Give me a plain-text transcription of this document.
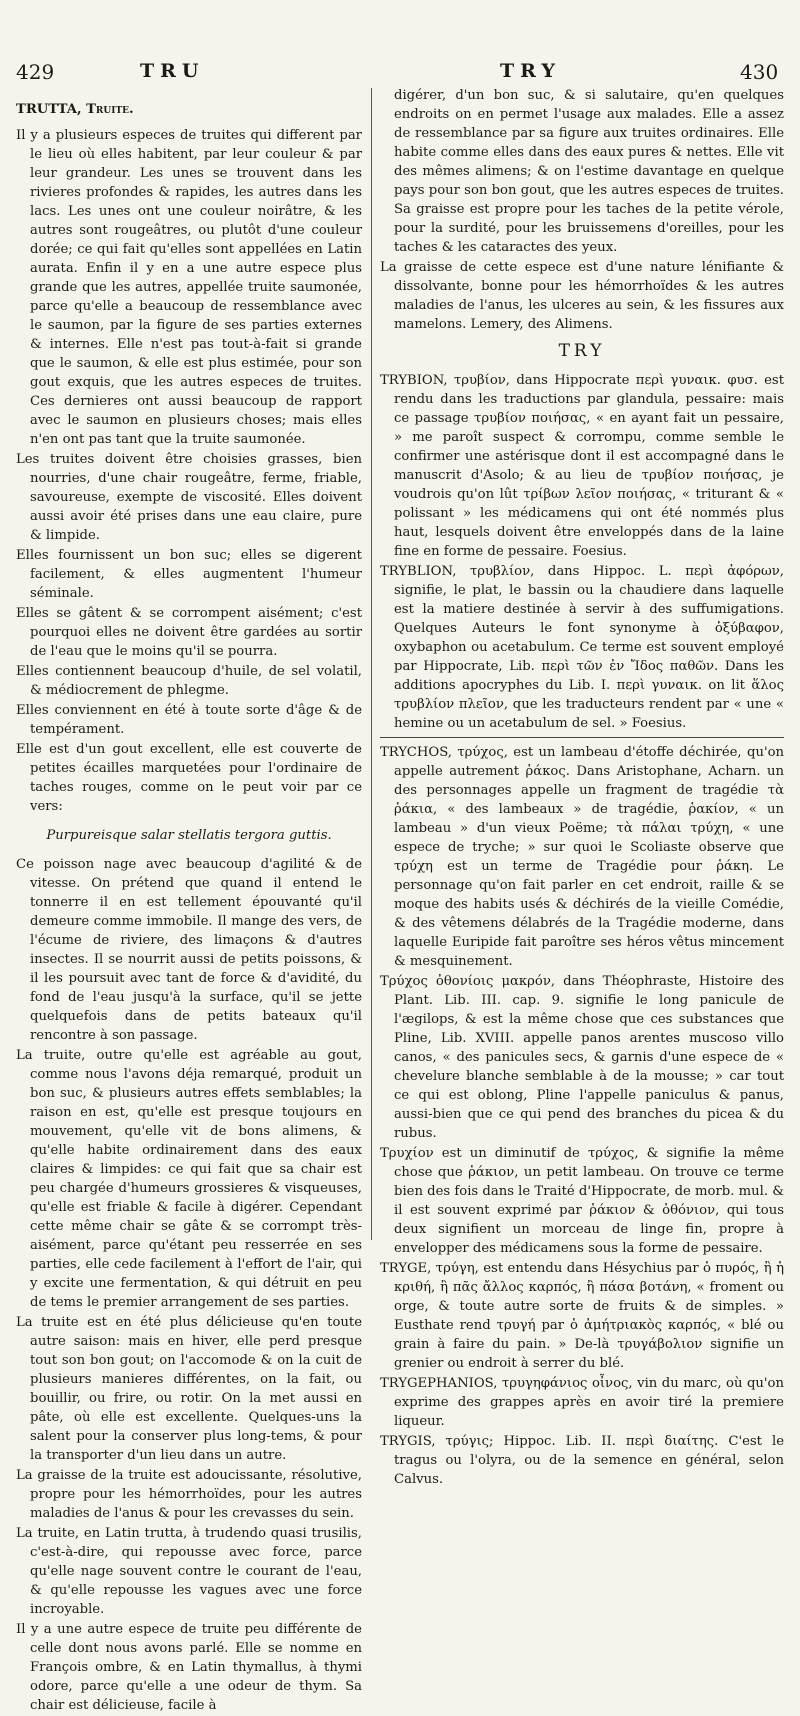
429	TRU	TRY	430

TRUTTA, Truite.

Il y a plusieurs especes de truites qui different par le lieu où elles habitent, par leur couleur & par leur grandeur. Les unes se trouvent dans les rivieres profondes & rapides, les autres dans les lacs. Les unes ont une couleur noirâtre, & les autres sont rougeâtres, ou plutôt d'une couleur dorée; ce qui fait qu'elles sont appellées en Latin aurata. Enfin il y en a une autre espece plus grande que les autres, appellée truite saumonée, parce qu'elle a beaucoup de ressemblance avec le saumon, par la figure de ses parties externes & internes. Elle n'est pas tout-à-fait si grande que le saumon, & elle est plus estimée, pour son gout exquis, que les autres especes de truites. Ces dernieres ont aussi beaucoup de rapport avec le saumon en plusieurs choses; mais elles n'en ont pas tant que la truite saumonée.

Les truites doivent être choisies grasses, bien nourries, d'une chair rougeâtre, ferme, friable, savoureuse, exempte de viscosité. Elles doivent aussi avoir été prises dans une eau claire, pure & limpide.

Elles fournissent un bon suc; elles se digerent facilement, & elles augmentent l'humeur séminale.

Elles se gâtent & se corrompent aisément; c'est pourquoi elles ne doivent être gardées au sortir de l'eau que le moins qu'il se pourra.

Elles contiennent beaucoup d'huile, de sel volatil, & médiocrement de phlegme.

Elles conviennent en été à toute sorte d'âge & de tempérament.

Elle est d'un gout excellent, elle est couverte de petites écailles marquetées pour l'ordinaire de taches rouges, comme on le peut voir par ce vers:

Purpureisque salar stellatis tergora guttis.

Ce poisson nage avec beaucoup d'agilité & de vitesse. On prétend que quand il entend le tonnerre il en est tellement épouvanté qu'il demeure comme immobile. Il mange des vers, de l'écume de riviere, des limaçons & d'autres insectes. Il se nourrit aussi de petits poissons, & il les poursuit avec tant de force & d'avidité, du fond de l'eau jusqu'à la surface, qu'il se jette quelquefois dans de petits bateaux qu'il rencontre à son passage.

La truite, outre qu'elle est agréable au gout, comme nous l'avons déja remarqué, produit un bon suc, & plusieurs autres effets semblables; la raison en est, qu'elle est presque toujours en mouvement, qu'elle vit de bons alimens, & qu'elle habite ordinairement dans des eaux claires & limpides: ce qui fait que sa chair est peu chargée d'humeurs grossieres & visqueuses, qu'elle est friable & facile à digérer. Cependant cette même chair se gâte & se corrompt très-aisément, parce qu'étant peu resserrée en ses parties, elle cede facilement à l'effort de l'air, qui y excite une fermentation, & qui détruit en peu de tems le premier arrangement de ses parties.

La truite est en été plus délicieuse qu'en toute autre saison: mais en hiver, elle perd presque tout son bon gout; on l'accomode & on la cuit de plusieurs manieres différentes, on la fait, ou bouillir, ou frire, ou rotir. On la met aussi en pâte, où elle est excellente. Quelques-uns la salent pour la conserver plus long-tems, & pour la transporter d'un lieu dans un autre.

La graisse de la truite est adoucissante, résolutive, propre pour les hémorrhoïdes, pour les autres maladies de l'anus & pour les crevasses du sein.

La truite, en Latin trutta, à trudendo quasi trusilis, c'est-à-dire, qui repousse avec force, parce qu'elle nage souvent contre le courant de l'eau, & qu'elle repousse les vagues avec une force incroyable.

Il y a une autre espece de truite peu différente de celle dont nous avons parlé. Elle se nomme en François ombre, & en Latin thymallus, à thymi odore, parce qu'elle a une odeur de thym. Sa chair est délicieuse, facile à

digérer, d'un bon suc, & si salutaire, qu'en quelques endroits on en permet l'usage aux malades. Elle a assez de ressemblance par sa figure aux truites ordinaires. Elle habite comme elles dans des eaux pures & nettes. Elle vit des mêmes alimens; & on l'estime davantage en quelque pays pour son bon gout, que les autres especes de truites. Sa graisse est propre pour les taches de la petite vérole, pour la surdité, pour les bruissemens d'oreilles, pour les taches & les cataractes des yeux.

La graisse de cette espece est d'une nature lénifiante & dissolvante, bonne pour les hémorrhoïdes & les autres maladies de l'anus, les ulceres au sein, & les fissures aux mamelons. Lemery, des Alimens.

TRY

TRYBION, τρυβίον, dans Hippocrate περὶ γυναικ. φυσ. est rendu dans les traductions par glandula, pessaire: mais ce passage τρυβίον ποιήσας, « en ayant fait un pessaire, » me paroît suspect & corrompu, comme semble le confirmer une astérisque dont il est accompagné dans le manuscrit d'Asolo; & au lieu de τρυβίον ποιήσας, je voudrois qu'on lût τρίβων λεῖον ποιήσας, « triturant & « polissant » les médicamens qui ont été nommés plus haut, lesquels doivent être enveloppés dans de la laine fine en forme de pessaire. Foesius.

TRYBLION, τρυβλίον, dans Hippoc. L. περὶ ἀφόρων, signifie, le plat, le bassin ou la chaudiere dans laquelle est la matiere destinée à servir à des suffumigations. Quelques Auteurs le font synonyme à ὀξύβαφον, oxybaphon ou acetabulum. Ce terme est souvent employé par Hippocrate, Lib. περὶ τῶν ἐν Ἴδος παθῶν. Dans les additions apocryphes du Lib. I. περὶ γυναικ. on lit ἅλος τρυβλίον πλεῖον, que les traducteurs rendent par « une « hemine ou un acetabulum de sel. » Foesius.

TRYCHOS, τρύχος, est un lambeau d'étoffe déchirée, qu'on appelle autrement ῥάκος. Dans Aristophane, Acharn. un des personnages appelle un fragment de tragédie τὰ ῥάκια, « des lambeaux » de tragédie, ῥακίον, « un lambeau » d'un vieux Poëme; τὰ πάλαι τρύχη, « une espece de tryche; » sur quoi le Scoliaste observe que τρύχη est un terme de Tragédie pour ῥάκη. Le personnage qu'on fait parler en cet endroit, raille & se moque des habits usés & déchirés de la vieille Comédie, & des vêtemens délabrés de la Tragédie moderne, dans laquelle Euripide fait paroître ses héros vêtus mincement & mesquinement.

Τρύχος ὀθονίοις μακρόν, dans Théophraste, Histoire des Plant. Lib. III. cap. 9. signifie le long panicule de l'ægilops, & est la même chose que ces substances que Pline, Lib. XVIII. appelle panos arentes muscoso villo canos, « des panicules secs, & garnis d'une espece de « chevelure blanche semblable à de la mousse; » car tout ce qui est oblong, Pline l'appelle paniculus & panus, aussi-bien que ce qui pend des branches du picea & du rubus.

Τρυχίον est un diminutif de τρύχος, & signifie la même chose que ῥάκιον, un petit lambeau. On trouve ce terme bien des fois dans le Traité d'Hippocrate, de morb. mul. & il est souvent exprimé par ῥάκιον & ὀθόνιον, qui tous deux signifient un morceau de linge fin, propre à envelopper des médicamens sous la forme de pessaire.

TRYGE, τρύγη, est entendu dans Hésychius par ὁ πυρός, ἢ ἡ κριθή, ἢ πᾶς ἄλλος καρπός, ἢ πάσα βοτάνη, « froment ou orge, & toute autre sorte de fruits & de simples. » Eusthate rend τρυγή par ὁ ἀμήτριακὸς καρπός, « blé ou grain à faire du pain. » De-là τρυγάβολιον signifie un grenier ou endroit à serrer du blé.

TRYGEPHANIOS, τρυγηφάνιος οἶνος, vin du marc, où qu'on exprime des grappes après en avoir tiré la premiere liqueur.

TRYGIS, τρύγις; Hippoc. Lib. II. περὶ διαίτης. C'est le tragus ou l'olyra, ou de la semence en général, selon Calvus.
